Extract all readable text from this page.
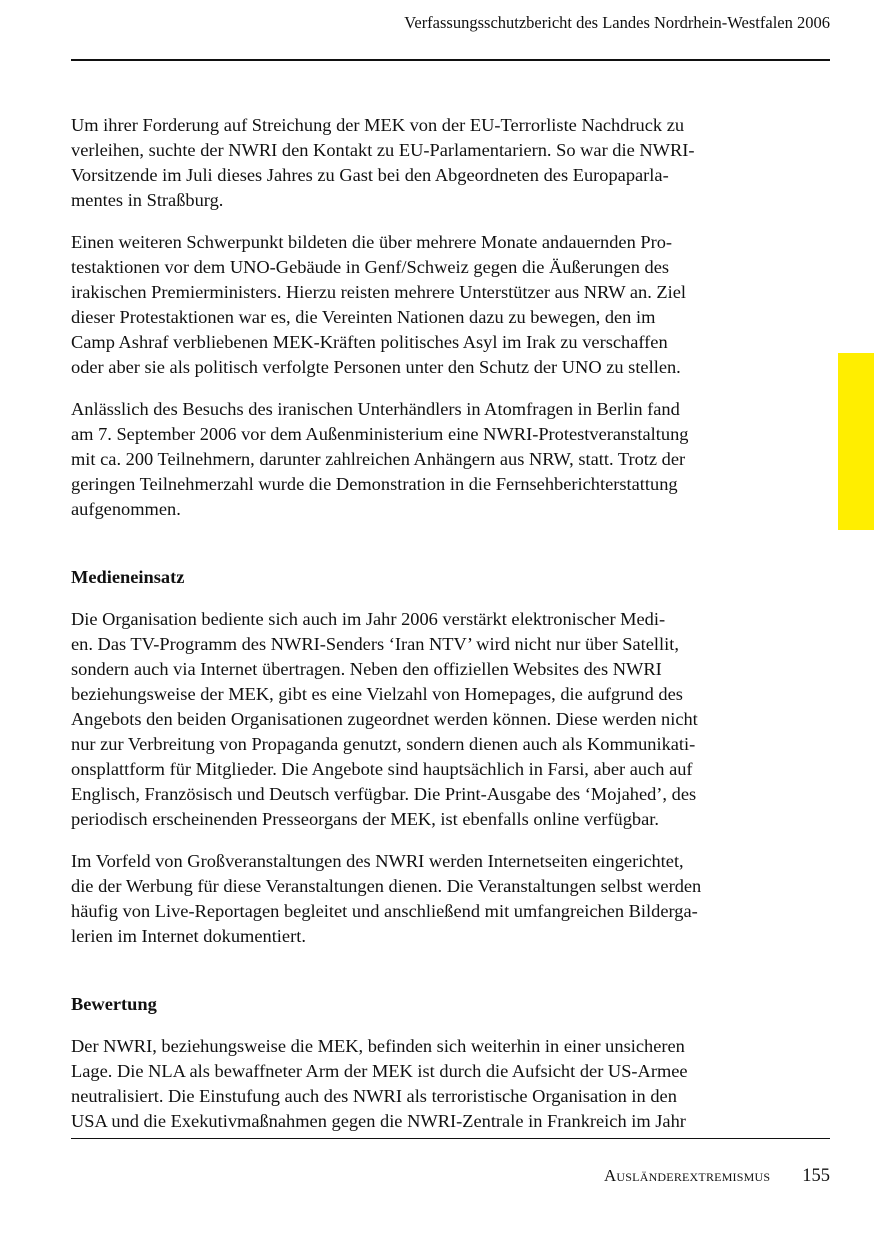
Verfassungsschutzbericht des Landes Nordrhein-Westfalen 2006

Um ihrer Forderung auf Streichung der MEK von der EU-Terrorliste Nachdruck zu
verleihen, suchte der NWRI den Kontakt zu EU-Parlamentariern. So war die NWRI-
Vorsitzende im Juli dieses Jahres zu Gast bei den Abgeordneten des Europaparla-
mentes in Straßburg.

Einen weiteren Schwerpunkt bildeten die über mehrere Monate andauernden Pro-
testaktionen vor dem UNO-Gebäude in Genf/Schweiz gegen die Äußerungen des
irakischen Premierministers. Hierzu reisten mehrere Unterstützer aus NRW an. Ziel
dieser Protestaktionen war es, die Vereinten Nationen dazu zu bewegen, den im
Camp Ashraf verbliebenen MEK-Kräften politisches Asyl im Irak zu verschaffen
oder aber sie als politisch verfolgte Personen unter den Schutz der UNO zu stellen.

Anlässlich des Besuchs des iranischen Unterhändlers in Atomfragen in Berlin fand
am 7. September 2006 vor dem Außenministerium eine NWRI-Protestveranstaltung
mit ca. 200 Teilnehmern, darunter zahlreichen Anhängern aus NRW, statt. Trotz der
geringen Teilnehmerzahl wurde die Demonstration in die Fernsehberichterstattung
aufgenommen.

Medieneinsatz

Die Organisation bediente sich auch im Jahr 2006 verstärkt elektronischer Medi-
en. Das TV-Programm des NWRI-Senders ‘Iran NTV’ wird nicht nur über Satellit,
sondern auch via Internet übertragen. Neben den offiziellen Websites des NWRI
beziehungsweise der MEK, gibt es eine Vielzahl von Homepages, die aufgrund des
Angebots den beiden Organisationen zugeordnet werden können. Diese werden nicht
nur zur Verbreitung von Propaganda genutzt, sondern dienen auch als Kommunikati-
onsplattform für Mitglieder. Die Angebote sind hauptsächlich in Farsi, aber auch auf
Englisch, Französisch und Deutsch verfügbar. Die Print-Ausgabe des ‘Mojahed’, des
periodisch erscheinenden Presseorgans der MEK, ist ebenfalls online verfügbar.

Im Vorfeld von Großveranstaltungen des NWRI werden Internetseiten eingerichtet,
die der Werbung für diese Veranstaltungen dienen. Die Veranstaltungen selbst werden
häufig von Live-Reportagen begleitet und anschließend mit umfangreichen Bilderga-
lerien im Internet dokumentiert.

Bewertung

Der NWRI, beziehungsweise die MEK, befinden sich weiterhin in einer unsicheren
Lage. Die NLA als bewaffneter Arm der MEK ist durch die Aufsicht der US-Armee
neutralisiert. Die Einstufung auch des NWRI als terroristische Organisation in den
USA und die Exekutivmaßnahmen gegen die NWRI-Zentrale in Frankreich im Jahr

Ausländerextremismus 155
